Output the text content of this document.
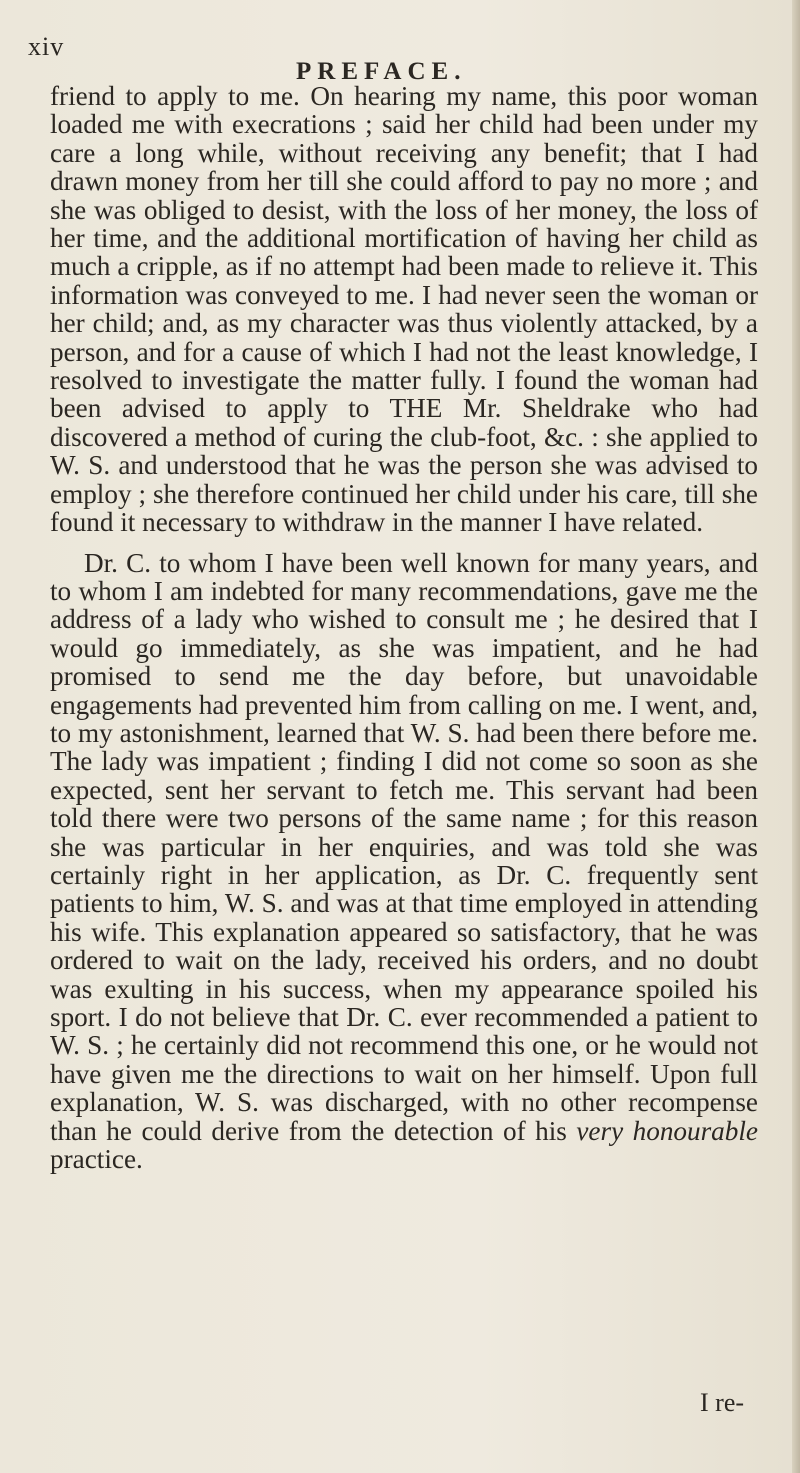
xiv
PREFACE.

friend to apply to me. On hearing my name, this poor woman loaded me with execrations ; said her child had been under my care a long while, without receiving any benefit; that I had drawn money from her till she could afford to pay no more ; and she was obliged to desist, with the loss of her money, the loss of her time, and the additional mortification of having her child as much a cripple, as if no attempt had been made to relieve it. This information was conveyed to me. I had never seen the woman or her child; and, as my character was thus violently attacked, by a person, and for a cause of which I had not the least knowledge, I resolved to investigate the matter fully. I found the woman had been advised to apply to THE Mr. Sheldrake who had discovered a method of curing the club-foot, &c. : she applied to W. S. and understood that he was the person she was advised to employ ; she therefore continued her child under his care, till she found it necessary to withdraw in the manner I have related.

Dr. C. to whom I have been well known for many years, and to whom I am indebted for many recommendations, gave me the address of a lady who wished to consult me ; he desired that I would go immediately, as she was impatient, and he had promised to send me the day before, but unavoidable engagements had prevented him from calling on me. I went, and, to my astonishment, learned that W. S. had been there before me. The lady was impatient ; finding I did not come so soon as she expected, sent her servant to fetch me. This servant had been told there were two persons of the same name ; for this reason she was particular in her enquiries, and was told she was certainly right in her application, as Dr. C. frequently sent patients to him, W. S. and was at that time employed in attending his wife. This explanation appeared so satisfactory, that he was ordered to wait on the lady, received his orders, and no doubt was exulting in his success, when my appearance spoiled his sport. I do not believe that Dr. C. ever recommended a patient to W. S. ; he certainly did not recommend this one, or he would not have given me the directions to wait on her himself. Upon full explanation, W. S. was discharged, with no other recompense than he could derive from the detection of his very honourable practice.

I re-
